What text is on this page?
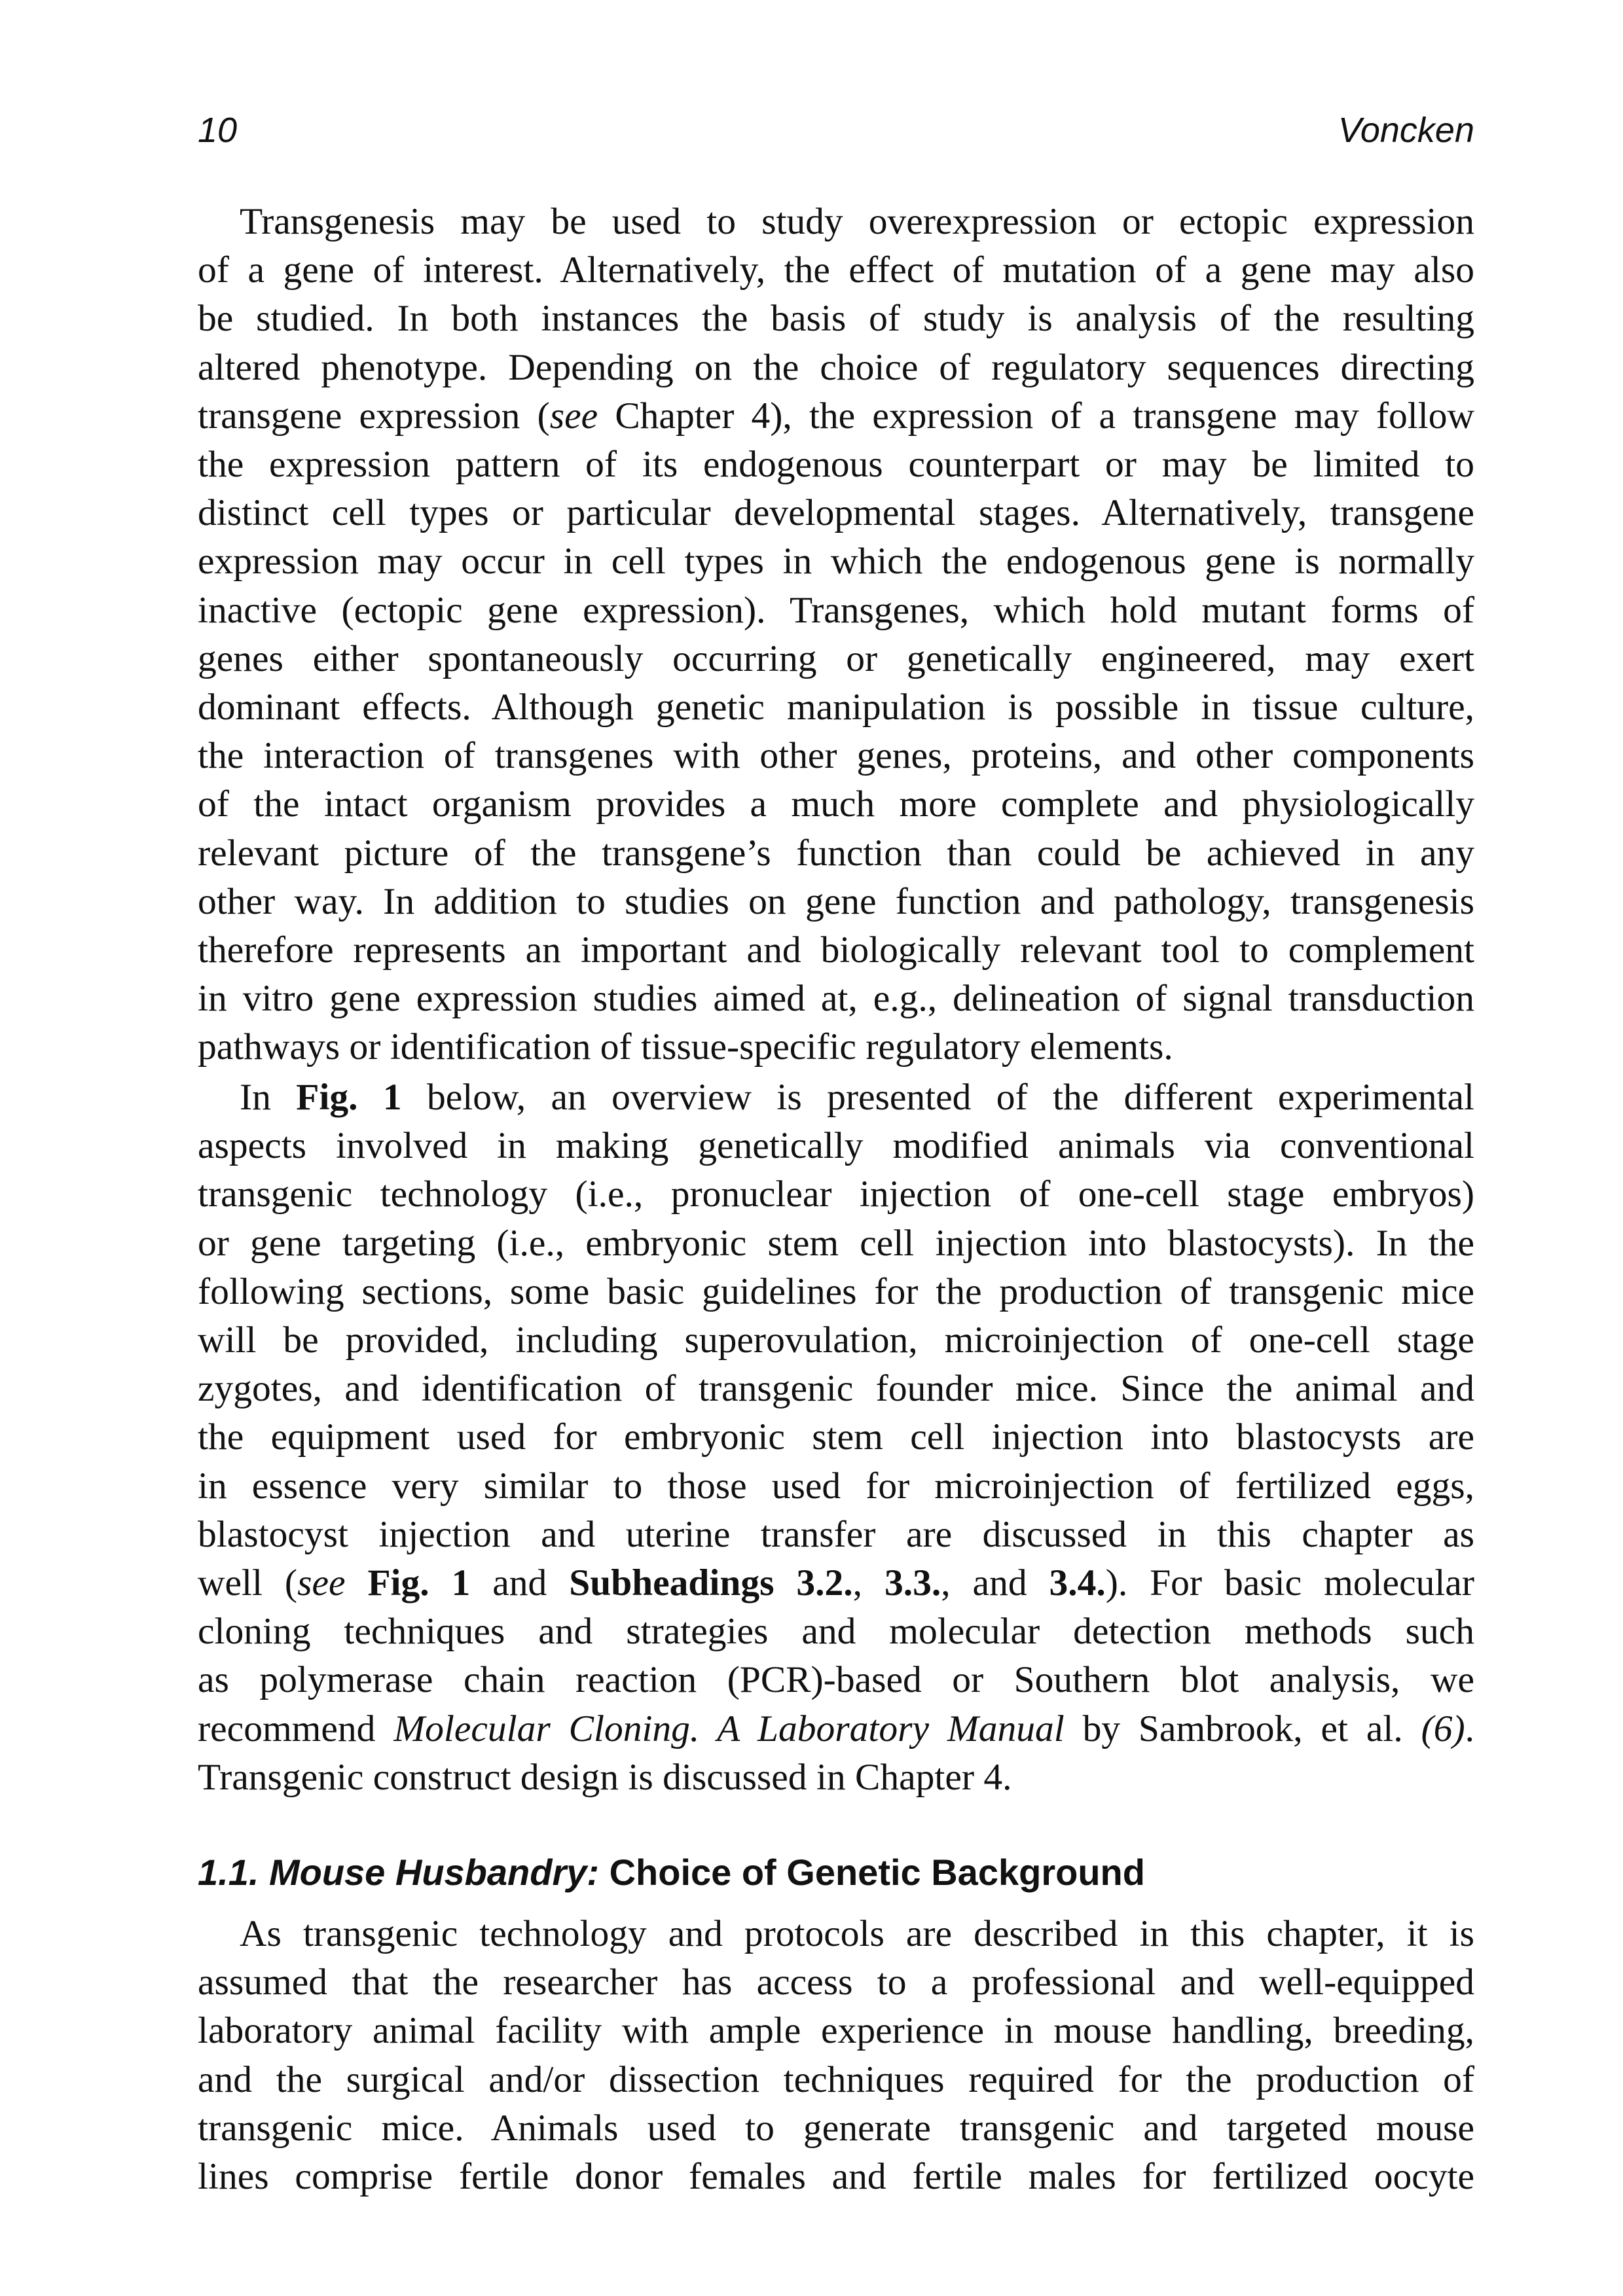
10	Voncken
Transgenesis may be used to study overexpression or ectopic expression
of a gene of interest. Alternatively, the effect of mutation of a gene may also
be studied. In both instances the basis of study is analysis of the resulting
altered phenotype. Depending on the choice of regulatory sequences directing
transgene expression (see Chapter 4), the expression of a transgene may follow
the expression pattern of its endogenous counterpart or may be limited to
distinct cell types or particular developmental stages. Alternatively, transgene
expression may occur in cell types in which the endogenous gene is normally
inactive (ectopic gene expression). Transgenes, which hold mutant forms of
genes either spontaneously occurring or genetically engineered, may exert
dominant effects. Although genetic manipulation is possible in tissue culture,
the interaction of transgenes with other genes, proteins, and other components
of the intact organism provides a much more complete and physiologically
relevant picture of the transgene’s function than could be achieved in any
other way. In addition to studies on gene function and pathology, transgenesis
therefore represents an important and biologically relevant tool to complement
in vitro gene expression studies aimed at, e.g., delineation of signal transduction
pathways or identification of tissue-specific regulatory elements.
In Fig. 1 below, an overview is presented of the different experimental
aspects involved in making genetically modified animals via conventional
transgenic technology (i.e., pronuclear injection of one-cell stage embryos)
or gene targeting (i.e., embryonic stem cell injection into blastocysts). In the
following sections, some basic guidelines for the production of transgenic mice
will be provided, including superovulation, microinjection of one-cell stage
zygotes, and identification of transgenic founder mice. Since the animal and
the equipment used for embryonic stem cell injection into blastocysts are
in essence very similar to those used for microinjection of fertilized eggs,
blastocyst injection and uterine transfer are discussed in this chapter as
well (see Fig. 1 and Subheadings 3.2., 3.3., and 3.4.). For basic molecular
cloning techniques and strategies and molecular detection methods such
as polymerase chain reaction (PCR)-based or Southern blot analysis, we
recommend Molecular Cloning. A Laboratory Manual by Sambrook, et al. (6).
Transgenic construct design is discussed in Chapter 4.
1.1. Mouse Husbandry: Choice of Genetic Background
As transgenic technology and protocols are described in this chapter, it is
assumed that the researcher has access to a professional and well-equipped
laboratory animal facility with ample experience in mouse handling, breeding,
and the surgical and/or dissection techniques required for the production of
transgenic mice. Animals used to generate transgenic and targeted mouse
lines comprise fertile donor females and fertile males for fertilized oocyte
